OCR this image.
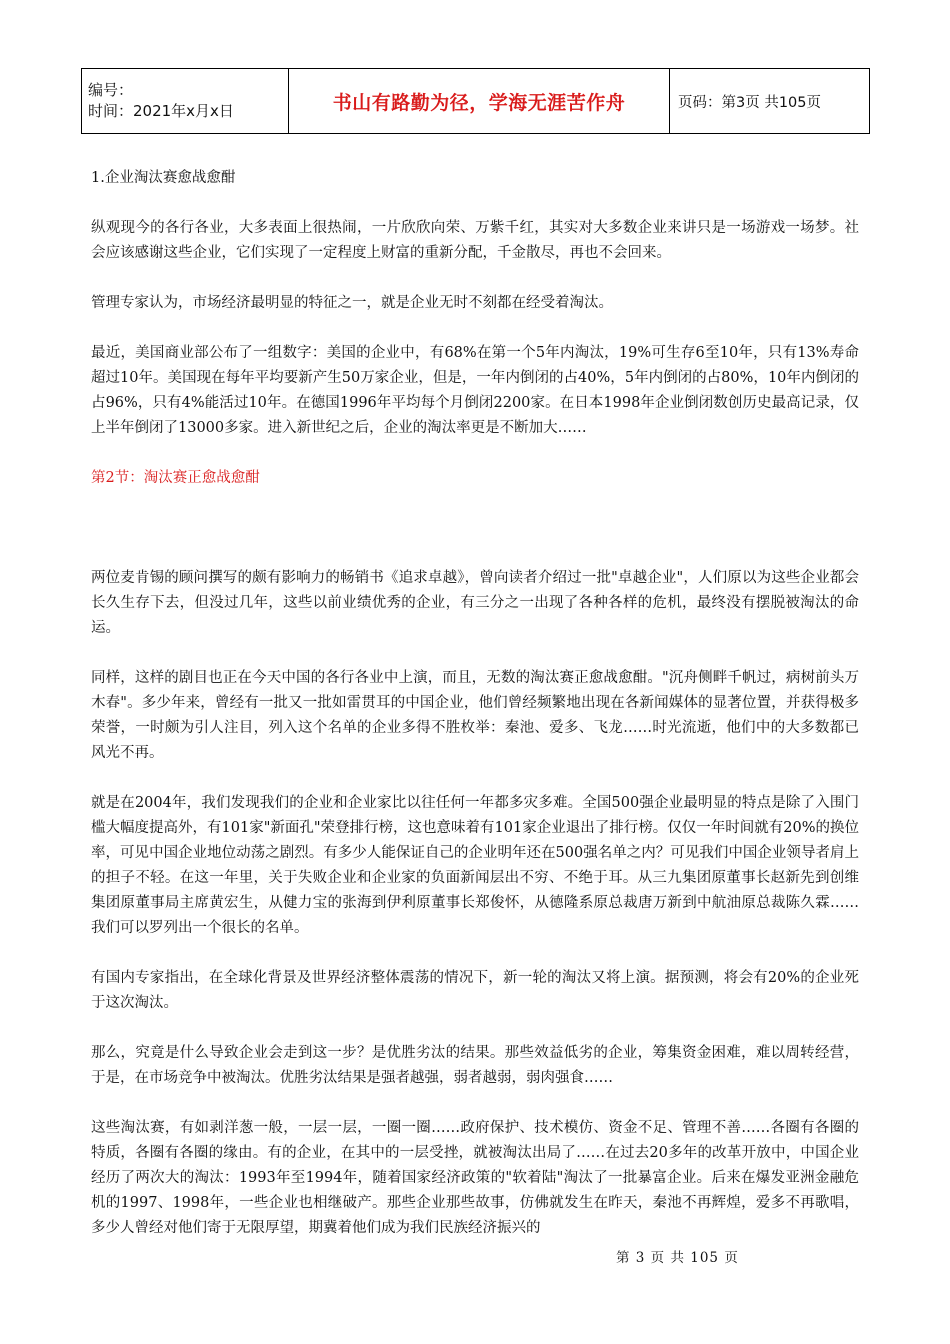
编号：
时间：2021年x月x日	书山有路勤为径，学海无涯苦作舟	页码：第3页 共105页

1.企业淘汰赛愈战愈酣

纵观现今的各行各业，大多表面上很热闹，一片欣欣向荣、万紫千红，其实对大多数企业来讲只是一场游戏一场梦。社会应该感谢这些企业，它们实现了一定程度上财富的重新分配，千金散尽，再也不会回来。

管理专家认为，市场经济最明显的特征之一，就是企业无时不刻都在经受着淘汰。

最近，美国商业部公布了一组数字：美国的企业中，有68%在第一个5年内淘汰，19%可生存6至10年，只有13%寿命超过10年。美国现在每年平均要新产生50万家企业，但是，一年内倒闭的占40%，5年内倒闭的占80%，10年内倒闭的占96%，只有4%能活过10年。在德国1996年平均每个月倒闭2200家。在日本1998年企业倒闭数创历史最高记录，仅上半年倒闭了13000多家。进入新世纪之后，企业的淘汰率更是不断加大……

第2节：淘汰赛正愈战愈酣

两位麦肯锡的顾问撰写的颇有影响力的畅销书《追求卓越》，曾向读者介绍过一批"卓越企业"，人们原以为这些企业都会长久生存下去，但没过几年，这些以前业绩优秀的企业，有三分之一出现了各种各样的危机，最终没有摆脱被淘汰的命运。

同样，这样的剧目也正在今天中国的各行各业中上演，而且，无数的淘汰赛正愈战愈酣。"沉舟侧畔千帆过，病树前头万木春"。多少年来，曾经有一批又一批如雷贯耳的中国企业，他们曾经频繁地出现在各新闻媒体的显著位置，并获得极多荣誉，一时颇为引人注目，列入这个名单的企业多得不胜枚举：秦池、爱多、飞龙……时光流逝，他们中的大多数都已风光不再。

就是在2004年，我们发现我们的企业和企业家比以往任何一年都多灾多难。全国500强企业最明显的特点是除了入围门槛大幅度提高外，有101家"新面孔"荣登排行榜，这也意味着有101家企业退出了排行榜。仅仅一年时间就有20%的换位率，可见中国企业地位动荡之剧烈。有多少人能保证自己的企业明年还在500强名单之内？可见我们中国企业领导者肩上的担子不轻。在这一年里，关于失败企业和企业家的负面新闻层出不穷、不绝于耳。从三九集团原董事长赵新先到创维集团原董事局主席黄宏生，从健力宝的张海到伊利原董事长郑俊怀，从德隆系原总裁唐万新到中航油原总裁陈久霖……我们可以罗列出一个很长的名单。

有国内专家指出，在全球化背景及世界经济整体震荡的情况下，新一轮的淘汰又将上演。据预测，将会有20%的企业死于这次淘汰。

那么，究竟是什么导致企业会走到这一步？是优胜劣汰的结果。那些效益低劣的企业，筹集资金困难，难以周转经营，于是，在市场竞争中被淘汰。优胜劣汰结果是强者越强，弱者越弱，弱肉强食……

这些淘汰赛，有如剥洋葱一般，一层一层，一圈一圈……政府保护、技术模仿、资金不足、管理不善……各圈有各圈的特质，各圈有各圈的缘由。有的企业，在其中的一层受挫，就被淘汰出局了……在过去20多年的改革开放中，中国企业经历了两次大的淘汰：1993年至1994年，随着国家经济政策的"软着陆"淘汰了一批暴富企业。后来在爆发亚洲金融危机的1997、1998年，一些企业也相继破产。那些企业那些故事，仿佛就发生在昨天，秦池不再辉煌，爱多不再歌唱，多少人曾经对他们寄于无限厚望，期冀着他们成为我们民族经济振兴的

第 3 页 共 105 页
